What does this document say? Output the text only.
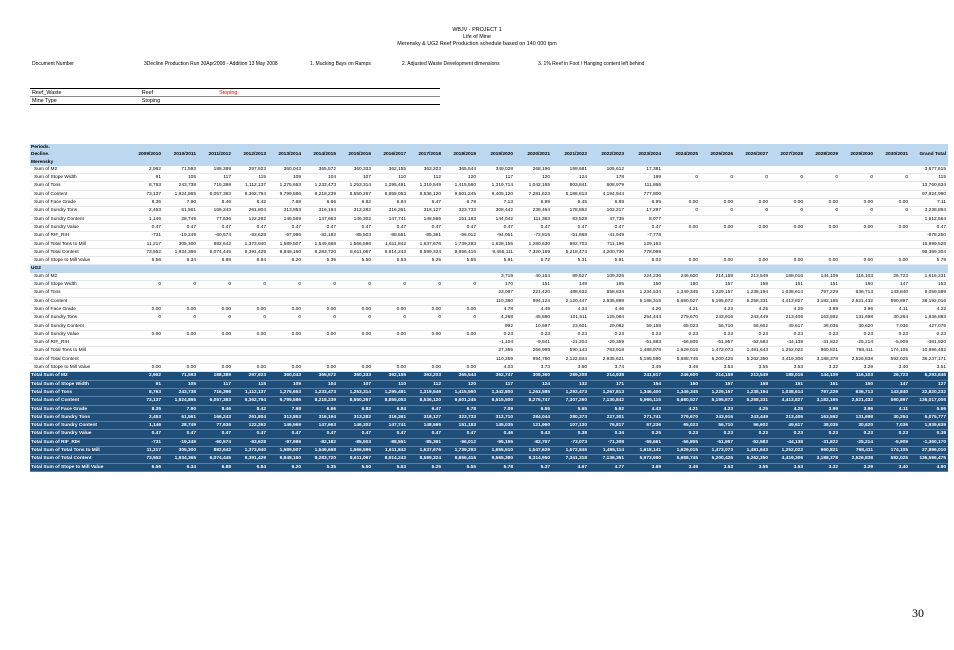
WBJV - PROJECT 1
Life of Mine
Merensky & UG2 Reef Production schedule based on 140 000 tpm
Document Number	3Decline Production Run 30Apr2008 - Addition 13 May 2008	1. Mucking Bays on Ramps	2. Adjusted Waste Development dimensions	3. 1% Reef in Foot / Hanging content left behind
Reef_Waste	Reef	Stoping
Mine Type	Stoping	
Periods.																							
Decline.	2009/2010	2010/2011	2011/2012	2012/2013	2013/2014	2014/2015	2015/2016	2016/2017	2017/2018	2018/2019	2019/2020	2020/2021	2021/2022	2022/2023	2023/2024	2024/2025	2025/2026	2026/2027	2027/2028	2028/2029	2029/2030	2030/2031	Grand Total
Merensky																							
Sum of M2	2,962	71,593	188,389	297,923	360,043	365,572	360,333	362,155	363,203	365,544	349,028	268,196	199,681	105,612	17,381								3,677,615
Sum of Stope Width	91	105	117	115	109	104	107	110	112	120	117	120	124	178	199	0	0	0	0	0	0	0	115
Sum of Tons	8,763	243,738	716,398	1,112,137	1,275,653	1,233,473	1,253,314	1,295,481	1,319,549	1,415,560	1,319,714	1,042,165	803,841	608,979	111,866								13,760,634
Sum of Content	73,137	1,924,865	6,057,383	9,362,794	9,799,586	8,218,239	8,550,267	8,855,053	8,536,120	9,601,245	9,405,120	7,281,623	5,186,813	4,194,944	777,800								97,824,990
Sum of Face Grade	8.35	7.90	8.46	8.42	7.68	6.66	6.82	6.84	6.47	6.78	7.13	6.99	6.45	6.89	6.95	0.00	0.00	0.00	0.00	0.00	0.00	0.00	7.11
Sum of Sundry Tons	2,453	61,561	166,243	261,804	313,853	316,194	313,282	316,361	318,127	323,733	308,442	238,464	178,862	102,217	17,297	0	0	0	0	0	0	0	3,238,894
Sum of Sundry Content	1,146	28,749	77,636	122,262	146,569	147,663	146,302	147,741	148,565	151,183	144,042	111,363	83,529	47,735	8,077								1,512,564
Sum of Sundry Value	0.47	0.47	0.47	0.47	0.47	0.47	0.47	0.47	0.47	0.47	0.47	0.47	0.47	0.47	0.47	0.00	0.00	0.00	0.00	0.00	0.00	0.00	0.47
Sum of RIF_RIH	-731	-19,249	-60,574	-93,628	-97,996	-82,182	-85,503	-88,551	-85,361	-96,012	-94,051	-72,816	-51,868	-41,949	-7,778								-978,250
Sum of Total Tons to Mill	11,217	305,300	882,642	1,373,940	1,589,507	1,549,668	1,566,596	1,611,842	1,637,676	1,739,293	1,628,155	1,280,630	982,703	711,196	129,163								16,999,528
Sum of Total Content	73,552	1,934,366	6,074,445	9,391,429	9,848,160	8,283,720	8,611,067	8,914,243	8,599,324	9,656,416	9,455,111	7,320,169	5,218,474	4,200,730	778,099								98,359,304
Sum of Stope to Mill Value	6.56	6.34	6.88	6.84	6.20	5.35	5.50	5.53	5.25	5.55	5.81	5.72	5.31	5.91	6.02	0.00	0.00	0.00	0.00	0.00	0.00	0.00	5.79
UG2																							
Sum of M2											3,719	40,164	89,527	109,325	224,236	246,600	214,159	213,549	188,016	144,109	116,103	26,723	1,616,231
Sum of Stope Width	0	0	0	0	0	0	0	0	0	0	170	151	149	165	150	150	157	158	151	151	150	147	153
Sum of Tons											23,087	221,420	488,632	658,834	1,234,534	1,349,345	1,229,157	1,238,194	1,038,614	797,229	636,713	143,840	9,059,599
Sum of Content											110,380	994,124	2,120,447	2,935,898	5,188,315	5,680,527	5,195,672	5,258,331	4,413,827	3,182,165	2,521,432	590,897	38,192,016
Sum of Face Grade	0.00	0.00	0.00	0.00	0.00	0.00	0.00	0.00	0.00	0.00	4.78	4.49	4.34	4.46	4.20	4.21	4.23	4.25	4.25	3.99	3.96	4.11	4.22
Sum of Sundry Tons	0	0	0	0	0	0	0	0	0	0	4,268	45,580	101,511	125,084	254,444	279,670	243,916	243,449	213,406	163,592	131,698	30,264	1,836,883
Sum of Sundry Content											992	10,597	23,601	29,082	59,158	65,023	56,710	56,602	49,617	38,035	30,620	7,036	427,075
Sum of Sundry Value	0.00	0.00	0.00	0.00	0.00	0.00	0.00	0.00	0.00	0.00	0.23	0.23	0.23	0.23	0.23	0.23	0.23	0.23	0.23	0.23	0.23	0.23	0.23
Sum of RIF_RIH											-1,104	-9,941	-21,204	-29,359	-51,883	-56,805	-51,957	-52,583	-44,138	-31,822	-25,214	-5,909	-381,920
Sum of Total Tons to Mill											27,355	266,999	590,143	783,918	1,488,978	1,629,015	1,473,073	1,481,643	1,252,022	960,821	768,411	174,105	10,896,482
Sum of Total Content											110,269	994,780	2,122,844	2,935,621	5,195,590	5,688,745	5,200,425	5,262,350	4,419,306	3,188,378	2,526,838	592,025	38,237,171
Sum of Stope to Mill Value	0.00	0.00	0.00	0.00	0.00	0.00	0.00	0.00	0.00	0.00	4.03	3.73	3.60	3.74	3.49	3.49	3.53	3.55	3.53	3.32	3.29	3.40	3.51
Total Sum of M2	2,962	71,593	188,389	297,923	360,043	365,572	360,333	362,155	363,203	365,544	352,747	308,360	289,208	214,938	241,617	246,600	214,159	213,549	188,016	144,109	116,103	26,723	5,293,846
Total Sum of Stope Width	91	105	117	115	109	104	107	110	112	120	117	124	132	171	154	150	157	158	151	151	150	147	127
Total Sum of Tons	8,763	243,738	716,398	1,112,137	1,275,653	1,233,473	1,253,314	1,295,481	1,319,549	1,415,560	1,342,800	1,263,585	1,292,473	1,267,813	1,346,400	1,349,345	1,229,157	1,238,194	1,038,614	797,229	636,713	143,840	22,820,232
Total Sum of Content	73,137	1,924,865	6,057,383	9,362,794	9,799,586	8,218,239	8,550,267	8,855,053	8,536,120	9,601,245	9,515,500	8,275,747	7,307,260	7,130,842	5,966,115	5,680,527	5,195,672	5,258,331	4,413,827	3,182,165	2,521,432	590,897	136,017,006
Total Sum of Face Grade	8.35	7.90	8.46	8.42	7.68	6.66	6.82	6.84	6.47	6.78	7.09	6.55	5.65	5.62	4.43	4.21	4.23	4.25	4.25	3.99	3.96	4.11	5.96
Total Sum of Sundry Tons	2,453	61,561	166,243	261,804	313,853	316,194	313,282	316,361	318,127	323,733	312,710	284,044	280,373	227,301	271,741	279,670	243,916	243,449	213,406	163,592	131,698	30,264	5,075,777
Total Sum of Sundry Content	1,146	28,749	77,636	122,262	146,569	147,663	146,302	147,741	148,565	151,183	145,035	121,960	107,130	76,817	67,236	65,023	56,710	56,602	49,617	38,035	30,620	7,036	1,939,639
Total Sum of Sundry Value	0.47	0.47	0.47	0.47	0.47	0.47	0.47	0.47	0.47	0.47	0.46	0.43	0.38	0.34	0.25	0.23	0.23	0.23	0.23	0.23	0.23	0.23	0.38
Total Sum of RIF_RIH	-731	-19,249	-60,574	-93,628	-97,996	-82,182	-85,503	-88,551	-85,361	-96,012	-95,155	-82,757	-73,073	-71,308	-59,661	-56,805	-51,957	-52,583	-44,138	-31,822	-25,214	-5,909	-1,360,170
Total Sum of Total Tons to Mill	11,217	305,300	882,642	1,373,940	1,589,507	1,549,668	1,566,596	1,611,842	1,637,676	1,739,293	1,655,510	1,547,629	1,572,846	1,495,114	1,618,141	1,629,015	1,473,073	1,481,643	1,252,022	960,821	768,411	174,105	27,896,010
Total Sum of Total Content	73,552	1,934,366	6,074,445	9,391,429	9,848,160	8,283,720	8,611,067	8,914,243	8,599,324	9,656,416	9,565,380	8,314,950	7,341,318	7,136,351	5,973,690	5,688,745	5,200,425	5,262,350	4,419,306	3,188,378	2,526,838	592,025	136,596,475
Total Sum of Stope to Mill Value	6.56	6.34	6.88	6.84	6.20	5.35	5.50	5.53	5.25	5.55	5.78	5.37	4.67	4.77	3.69	3.49	3.53	3.55	3.53	3.32	3.29	3.40	4.90
30
